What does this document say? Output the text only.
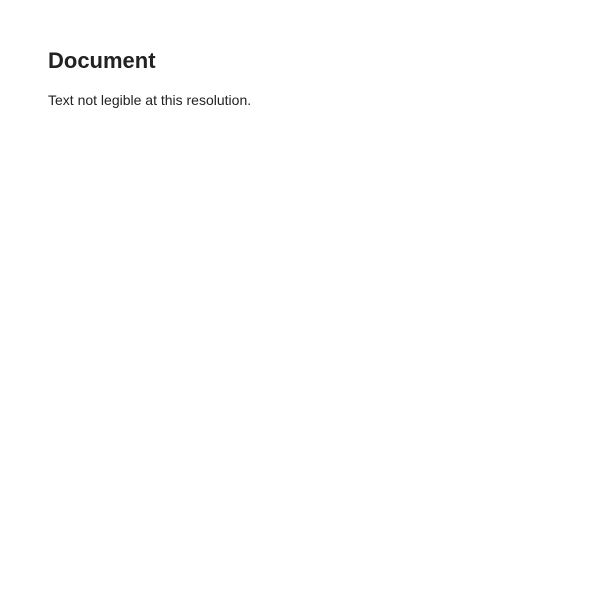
Document

Text not legible at this resolution.
